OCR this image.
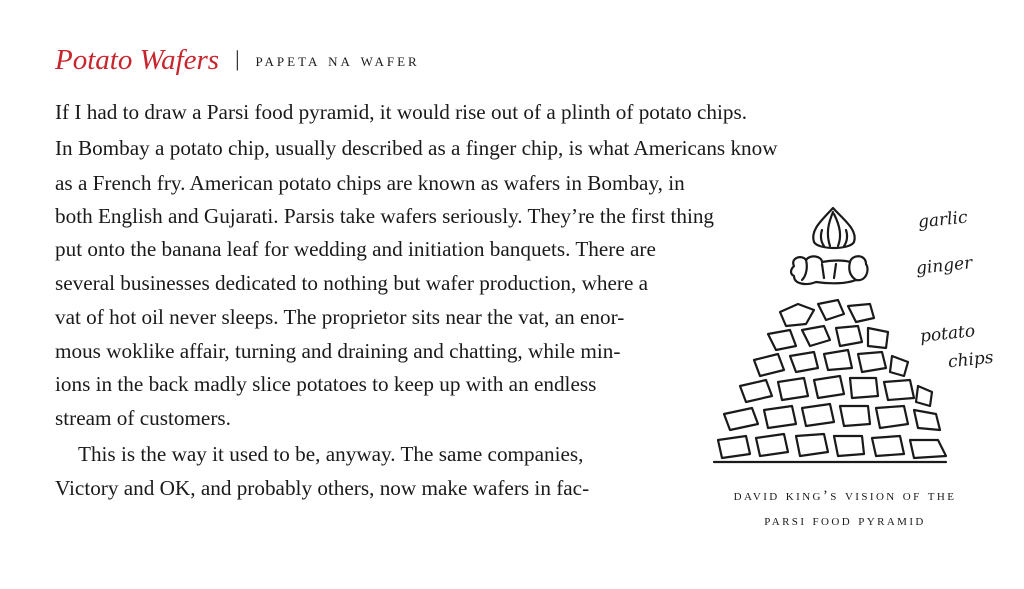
Potato Wafers | papeta na wafer
If I had to draw a Parsi food pyramid, it would rise out of a plinth of potato chips.
In Bombay a potato chip, usually described as a finger chip, is what Americans know
as a French fry. American potato chips are known as wafers in Bombay, in
both English and Gujarati. Parsis take wafers seriously. They’re the first thing
put onto the banana leaf for wedding and initiation banquets. There are
several businesses dedicated to nothing but wafer production, where a
vat of hot oil never sleeps. The proprietor sits near the vat, an enor-
mous woklike affair, turning and draining and chatting, while min-
ions in the back madly slice potatoes to keep up with an endless
stream of customers.
This is the way it used to be, anyway. The same companies,
Victory and OK, and probably others, now make wafers in fac-
garlic
ginger
potato
chips
david king’s vision of the
parsi food pyramid
